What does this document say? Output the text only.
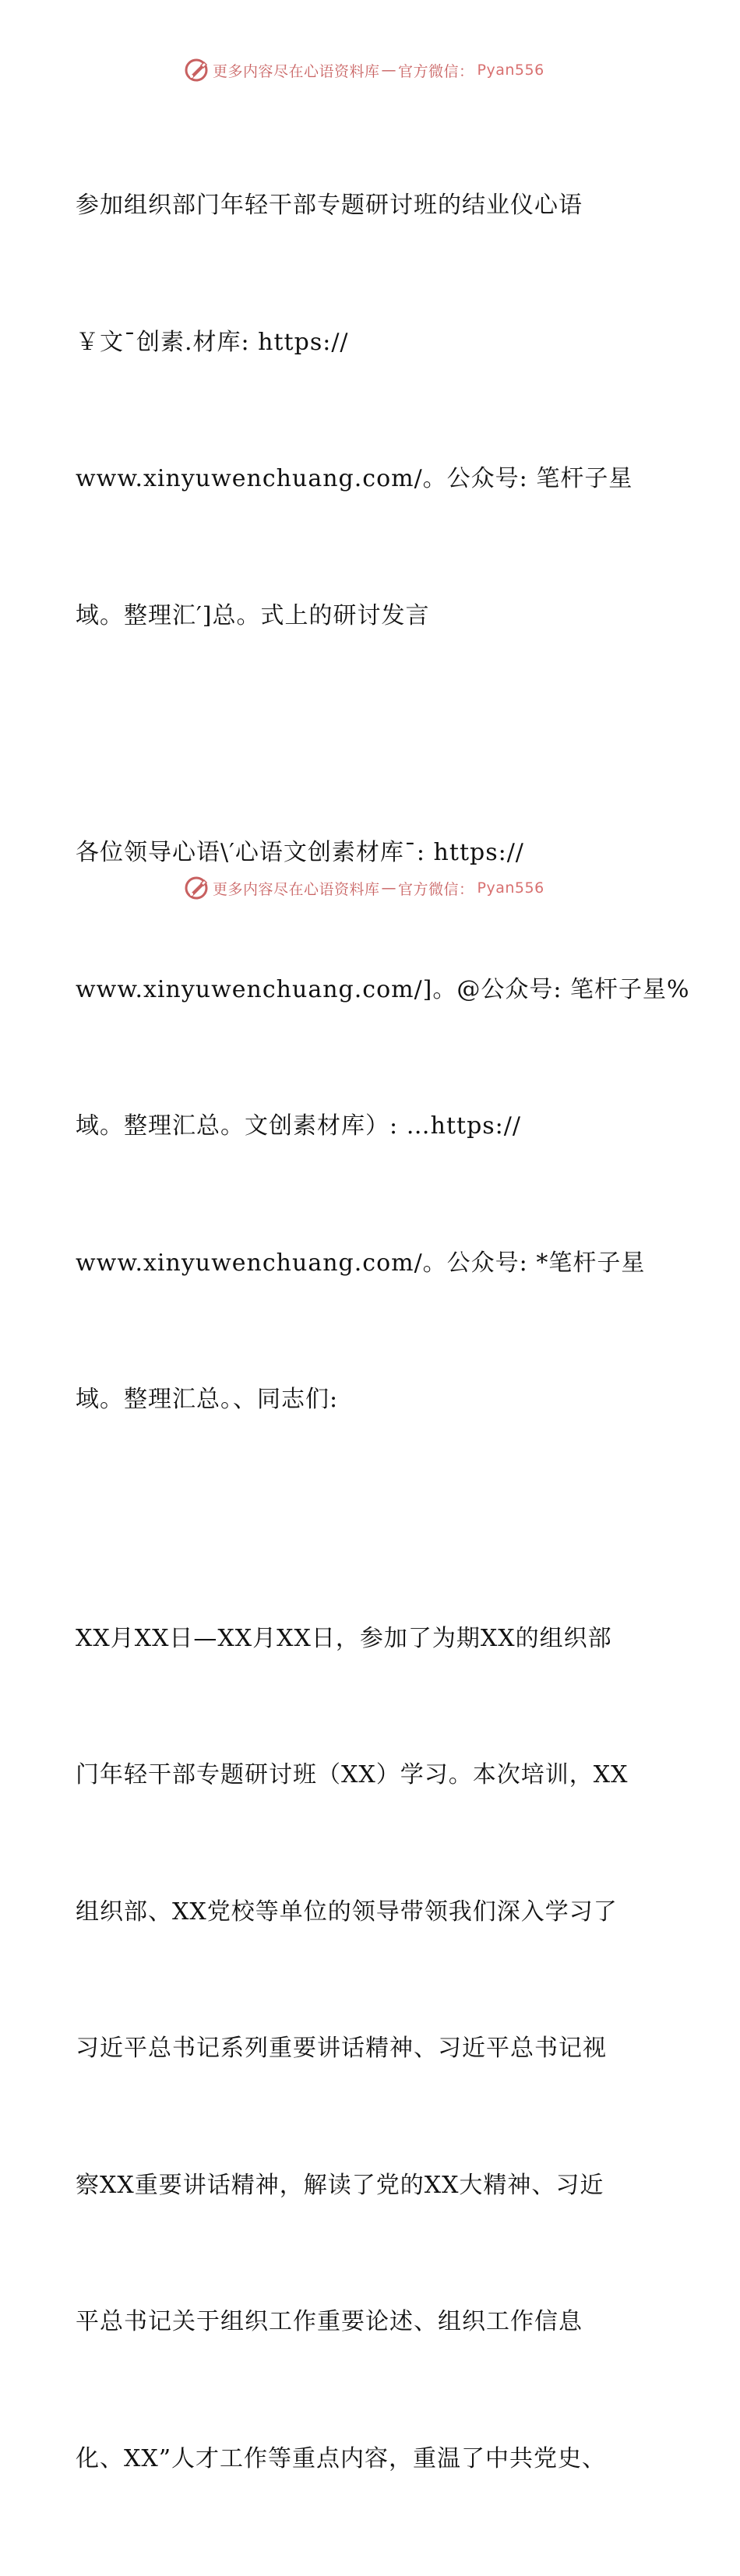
更多内容尽在心语资料库 — 官方微信： Pyan556

参加组织部门年轻干部专题研讨班的结业仪心语

￥文¯创素.材库: https://

www.xinyuwenchuang.com/。公众号: 笔杆子星

域。整理汇′]总。式上的研讨发言

各位领导心语\′心语文创素材库¯: https://

www.xinyuwenchuang.com/]。@公众号: 笔杆子星%

域。整理汇总。文创素材库）: …https://

www.xinyuwenchuang.com/。公众号: *笔杆子星

域。整理汇总。、同志们:

XX月XX日—XX月XX日，参加了为期XX的组织部

门年轻干部专题研讨班（XX）学习。本次培训，XX

组织部、XX党校等单位的领导带领我们深入学习了

习近平总书记系列重要讲话精神、习近平总书记视

察XX重要讲话精神，解读了党的XX大精神、习近

平总书记关于组织工作重要论述、组织工作信息

化、XX”人才工作等重点内容，重温了中共党史、

更多内容尽在心语资料库 — 官方微信： Pyan556
